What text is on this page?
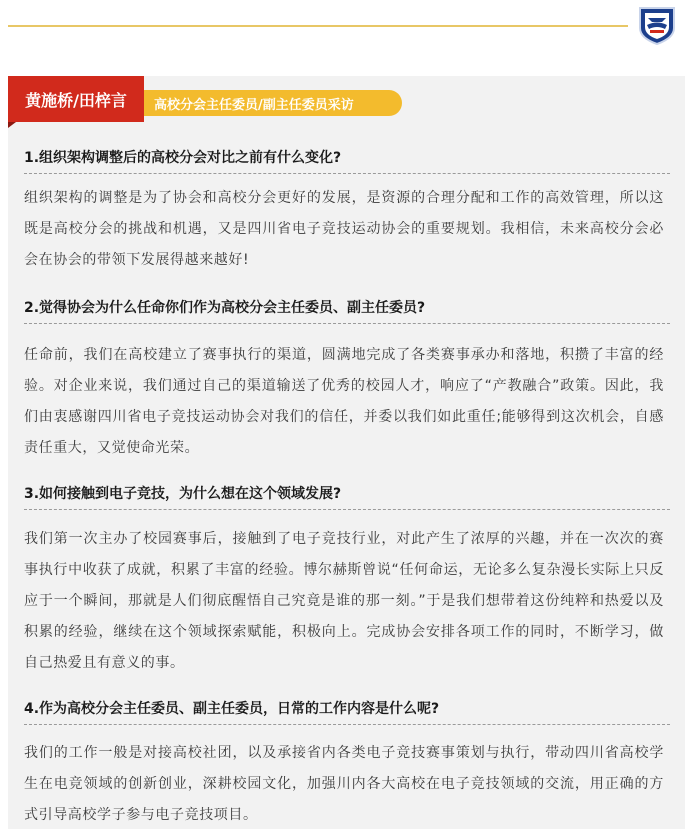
黄施桥/田梓言	高校分会主任委员/副主任委员采访
1.组织架构调整后的高校分会对比之前有什么变化?
组织架构的调整是为了协会和高校分会更好的发展，是资源的合理分配和工作的高效管理，所以这既是高校分会的挑战和机遇，又是四川省电子竞技运动协会的重要规划。我相信，未来高校分会必会在协会的带领下发展得越来越好!
2.觉得协会为什么任命你们作为高校分会主任委员、副主任委员?
任命前，我们在高校建立了赛事执行的渠道，圆满地完成了各类赛事承办和落地，积攒了丰富的经验。对企业来说，我们通过自己的渠道输送了优秀的校园人才，响应了“产教融合”政策。因此，我们由衷感谢四川省电子竞技运动协会对我们的信任，并委以我们如此重任;能够得到这次机会，自感责任重大，又觉使命光荣。
3.如何接触到电子竞技，为什么想在这个领域发展?
我们第一次主办了校园赛事后，接触到了电子竞技行业，对此产生了浓厚的兴趣，并在一次次的赛事执行中收获了成就，积累了丰富的经验。博尔赫斯曾说“任何命运，无论多么复杂漫长实际上只反应于一个瞬间，那就是人们彻底醒悟自己究竟是谁的那一刻。”于是我们想带着这份纯粹和热爱以及积累的经验，继续在这个领域探索赋能，积极向上。完成协会安排各项工作的同时，不断学习，做自己热爱且有意义的事。
4.作为高校分会主任委员、副主任委员，日常的工作内容是什么呢?
我们的工作一般是对接高校社团，以及承接省内各类电子竞技赛事策划与执行，带动四川省高校学生在电竞领域的创新创业，深耕校园文化，加强川内各大高校在电子竞技领域的交流，用正确的方式引导高校学子参与电子竞技项目。
